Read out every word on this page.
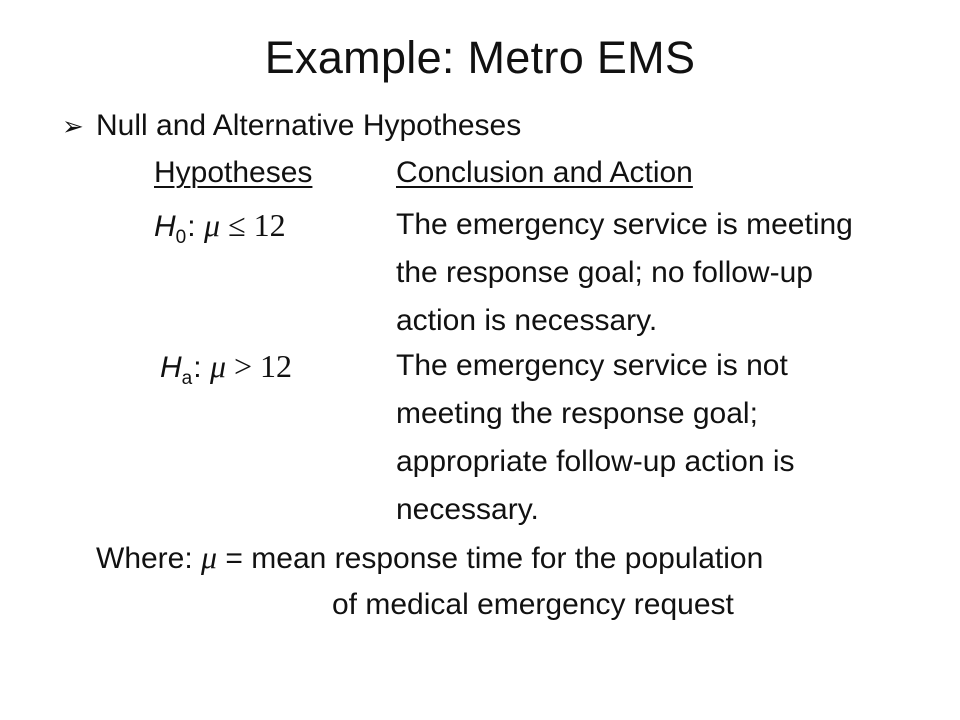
Example: Metro EMS
➢ Null and Alternative Hypotheses
Hypotheses	Conclusion and Action
$H_0$: μ ≤ 12	The emergency service is meeting
the response goal; no follow-up
action is necessary.
$H_a$: μ > 12	The emergency service is not
meeting the response goal;
appropriate follow-up action is
necessary.
Where: μ = mean response time for the population
of medical emergency request
